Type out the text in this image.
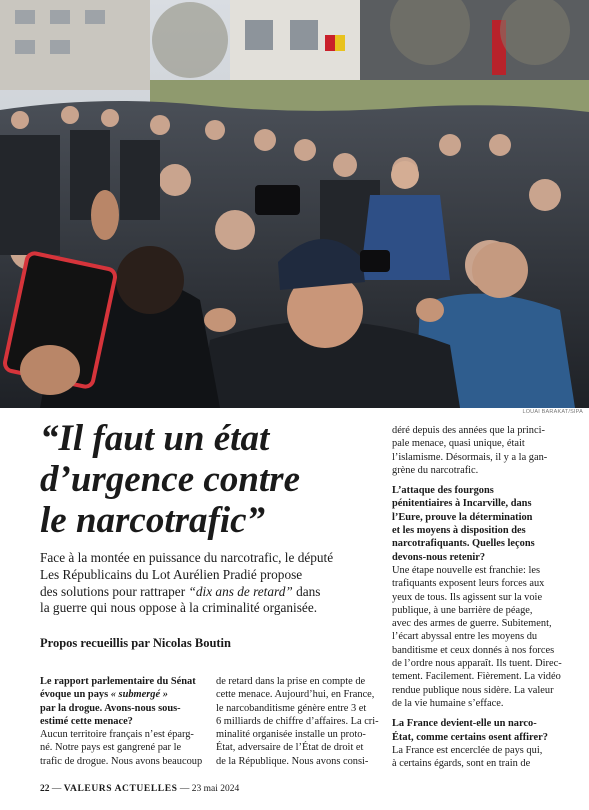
LOUAI BARAKAT/SIPA
“Il faut un état
d’urgence contre
le narcotrafic”
Face à la montée en puissance du narcotrafic, le député
Les Républicains du Lot Aurélien Pradié propose
des solutions pour rattraper “dix ans de retard” dans
la guerre qui nous oppose à la criminalité organisée.
Propos recueillis par Nicolas Boutin
Le rapport parlementaire du Sénat
évoque un pays « submergé »
par la drogue. Avons-nous sous-
estimé cette menace?
Aucun territoire français n’est éparg-
né. Notre pays est gangrené par le
trafic de drogue. Nous avons beaucoup
de retard dans la prise en compte de
cette menace. Aujourd’hui, en France,
le narcobanditisme génère entre 3 et
6 milliards de chiffre d’affaires. La cri-
minalité organisée installe un proto-
État, adversaire de l’État de droit et
de la République. Nous avons consi-
déré depuis des années que la princi-
pale menace, quasi unique, était
l’islamisme. Désormais, il y a la gan-
grène du narcotrafic.
L’attaque des fourgons
pénitentiaires à Incarville, dans
l’Eure, prouve la détermination
et les moyens à disposition des
narcotrafiquants. Quelles leçons
devons-nous retenir?
Une étape nouvelle est franchie: les
trafiquants exposent leurs forces aux
yeux de tous. Ils agissent sur la voie
publique, à une barrière de péage,
avec des armes de guerre. Subitement,
l’écart abyssal entre les moyens du
banditisme et ceux donnés à nos forces
de l’ordre nous apparaît. Ils tuent. Direc-
tement. Facilement. Fièrement. La vidéo
rendue publique nous sidère. La valeur
de la vie humaine s’efface.
La France devient-elle un narco-
État, comme certains osent affirer?
La France est encerclée de pays qui,
à certains égards, sont en train de
22 — VALEURS ACTUELLES — 23 mai 2024
